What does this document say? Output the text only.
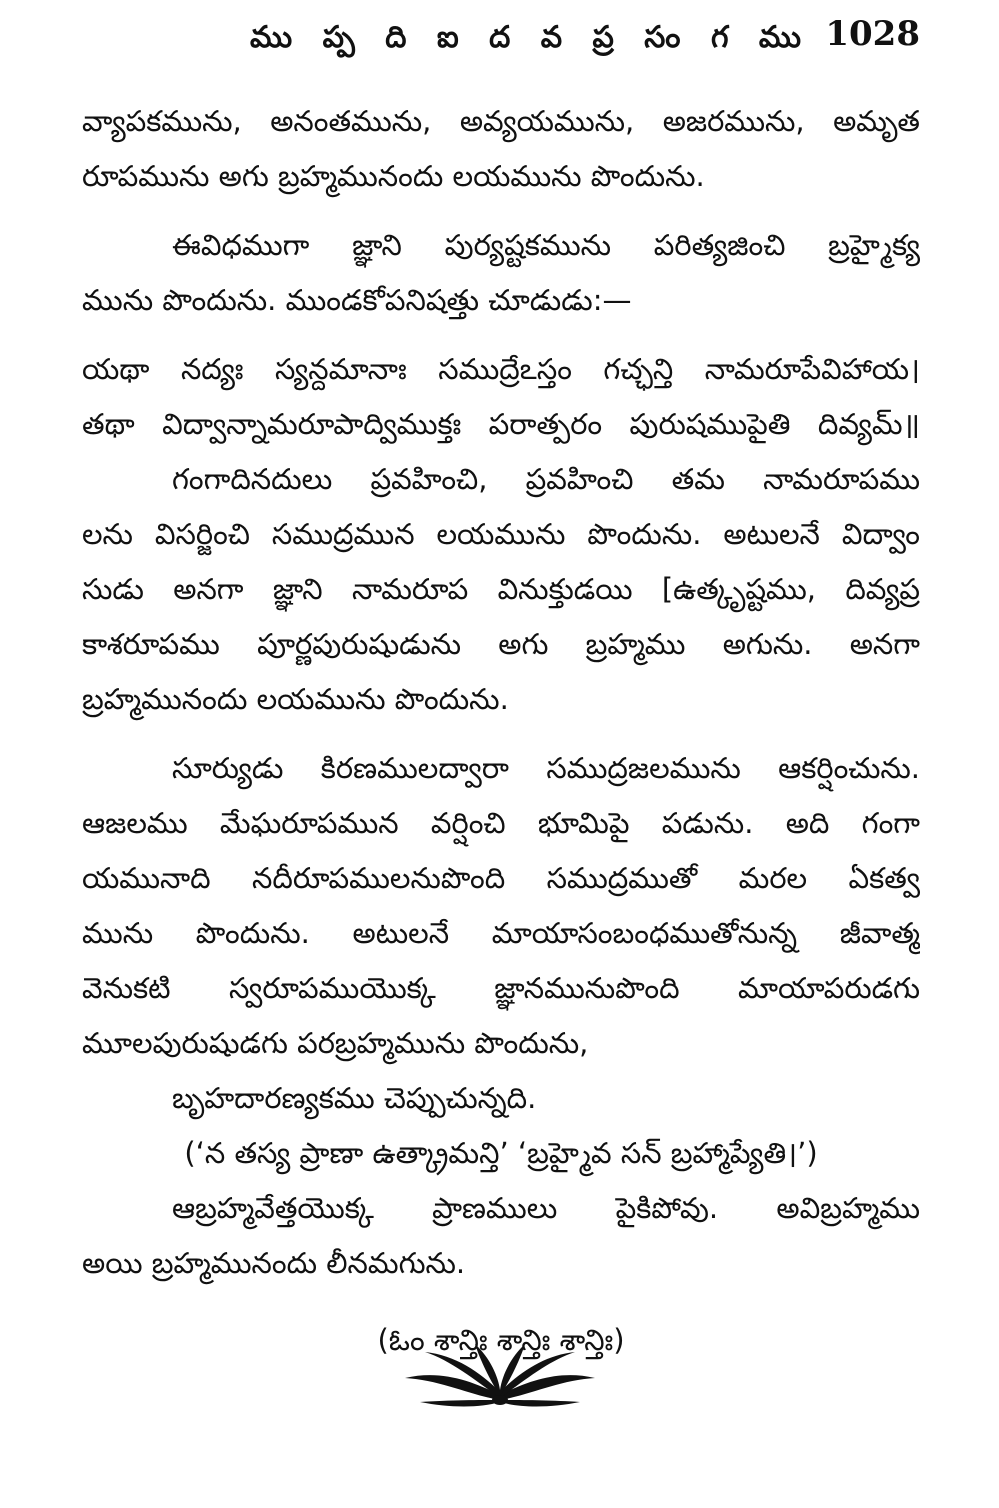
ము ప్ప ది ఐ ద వ ప్ర సం గ ము 1028
వ్యాపకమును, అనంతమును, అవ్యయమును, అజరమును, అమృత
రూపమును అగు బ్రహ్మమునందు లయమును పొందును.
ఈవిధముగా జ్ఞాని పుర్యష్టకమును పరిత్యజించి బ్రహ్మైక్య
మును పొందును. ముండకోపనిషత్తు చూడుడు:—
యథా నద్యః స్యన్దమానాః సముద్రేఽస్తం గచ్ఛన్తి నామరూపేవిహాయ।
తథా విద్వాన్నామరూపాద్విముక్తః పరాత్పరం పురుషముపైతి దివ్యమ్॥
గంగాదినదులు ప్రవహించి, ప్రవహించి తమ నామరూపము
లను విసర్జించి సముద్రమున లయమును పొందును. అటులనే విద్వాం
సుడు అనగా జ్ఞాని నామరూప వినుక్తుడయి [ఉత్కృష్టము, దివ్యప్ర
కాశరూపము పూర్ణపురుషుడును అగు బ్రహ్మము అగును. అనగా
బ్రహ్మమునందు లయమును పొందును.
సూర్యుడు కిరణములద్వారా సముద్రజలమును ఆకర్షించును.
ఆజలము మేఘరూపమున వర్షించి భూమిపై పడును. అది గంగా
యమునాది నదీరూపములనుపొంది సముద్రముతో మరల ఏకత్వ
మును పొందును. అటులనే మాయాసంబంధముతోనున్న జీవాత్మ
వెనుకటి స్వరూపముయొక్క జ్ఞానమునుపొంది మాయాపరుడగు
మూలపురుషుడగు పరబ్రహ్మమును పొందును,
బృహదారణ్యకము చెప్పుచున్నది.
(‘న తస్య ప్రాణా ఉత్క్రామన్తి’ ‘బ్రహ్మైవ సన్ బ్రహ్మాప్యేతి।’)
ఆబ్రహ్మవేత్తయొక్క ప్రాణములు పైకిపోవు. అవిబ్రహ్మము
అయి బ్రహ్మమునందు లీనమగును.
(ఓం శాన్తిః శాన్తిః శాన్తిః)
